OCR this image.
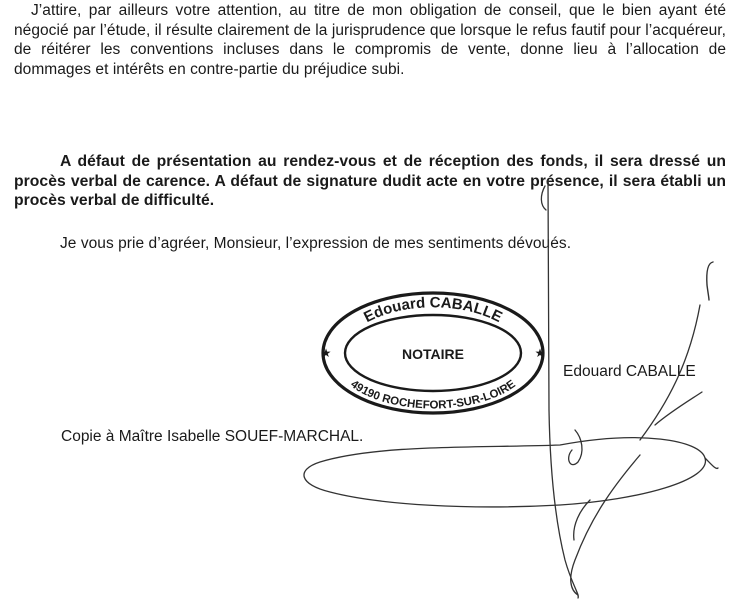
J’attire, par ailleurs votre attention, au titre de mon obligation de conseil, que le bien ayant été négocié par l’étude, il résulte clairement de la jurisprudence que lorsque le refus fautif pour l’acquéreur, de réitérer les conventions incluses dans le compromis de vente, donne lieu à l’allocation de dommages et intérêts en contre-partie du préjudice subi.

A défaut de présentation au rendez-vous et de réception des fonds, il sera dressé un procès verbal de carence. A défaut de signature dudit acte en votre présence, il sera établi un procès verbal de difficulté.

Je vous prie d’agréer, Monsieur, l’expression de mes sentiments dévoués.

Edouard CABALLE
NOTAIRE
49190 ROCHEFORT-SUR-LOIRE
★	★
Edouard CABALLE
Copie à Maître Isabelle SOUEF-MARCHAL.
